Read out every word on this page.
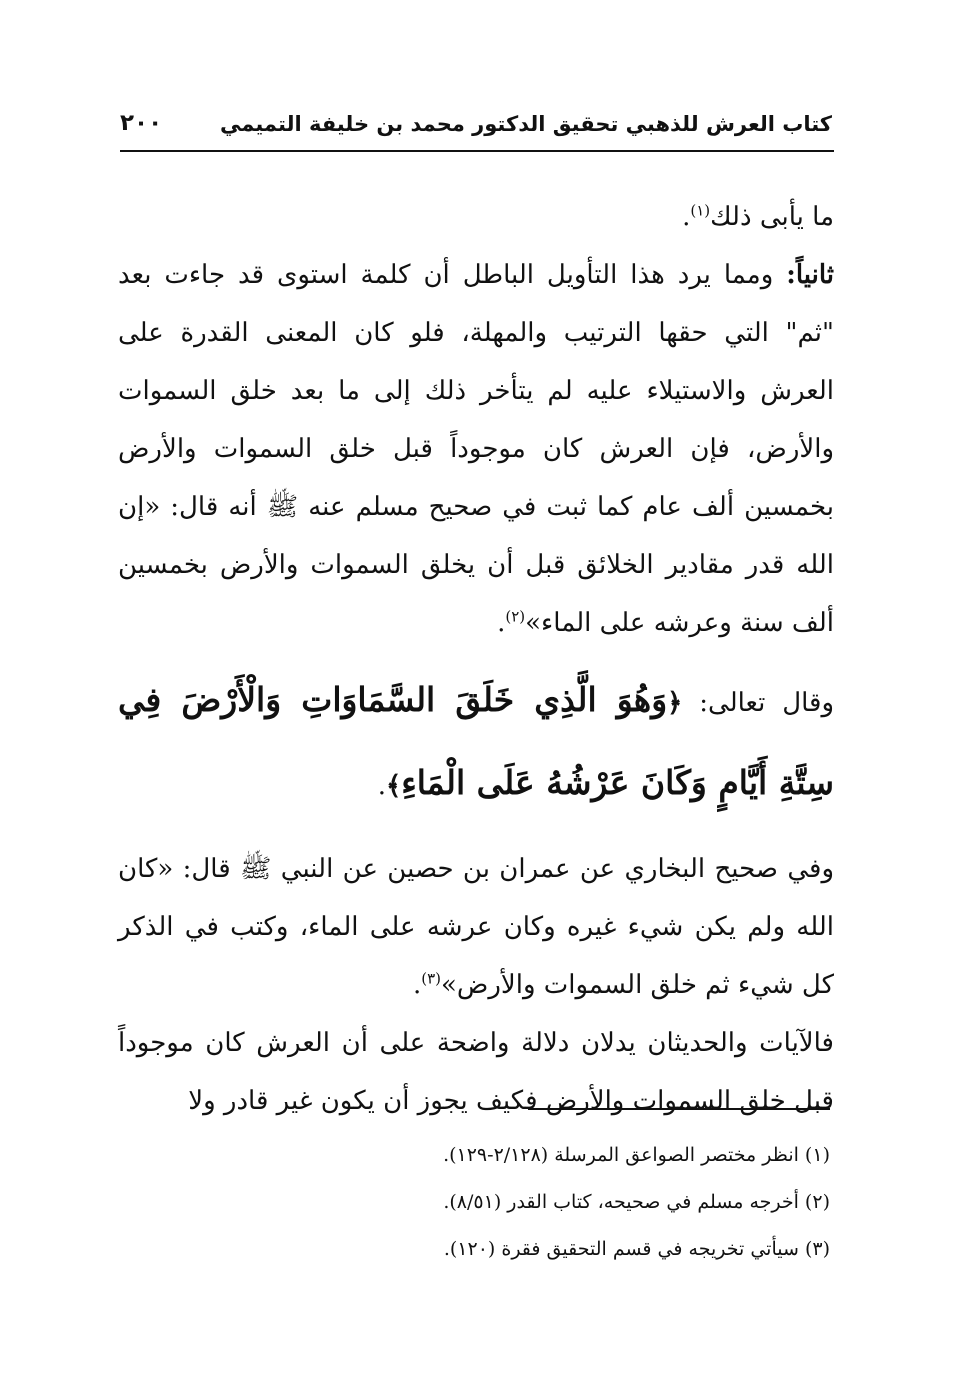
كتاب العرش للذهبي تحقيق الدكتور محمد بن خليفة التميمي
٢٠٠

ما يأبى ذلك$^{(١)}$.

ثانياً: ومما يرد هذا التأويل الباطل أن كلمة استوى قد جاءت بعد "ثم" التي حقها الترتيب والمهلة، فلو كان المعنى القدرة على العرش والاستيلاء عليه لم يتأخر ذلك إلى ما بعد خلق السموات والأرض، فإن العرش كان موجوداً قبل خلق السموات والأرض بخمسين ألف عام كما ثبت في صحيح مسلم عنه ﷺ أنه قال: «إن الله قدر مقادير الخلائق قبل أن يخلق السموات والأرض بخمسين ألف سنة وعرشه على الماء»$^{(٢)}$.

وقال تعالى: ﴿وَهُوَ الَّذِي خَلَقَ السَّمَاوَاتِ وَالْأَرْضَ فِي سِتَّةِ أَيَّامٍ وَكَانَ عَرْشُهُ عَلَى الْمَاءِ﴾.

وفي صحيح البخاري عن عمران بن حصين عن النبي ﷺ قال: «كان الله ولم يكن شيء غيره وكان عرشه على الماء، وكتب في الذكر كل شيء ثم خلق السموات والأرض»$^{(٣)}$.

فالآيات والحديثان يدلان دلالة واضحة على أن العرش كان موجوداً قبل خلق السموات والأرض فكيف يجوز أن يكون غير قادر ولا

(١) انظر مختصر الصواعق المرسلة (٢/١٢٨-١٢٩).
(٢) أخرجه مسلم في صحيحه، كتاب القدر (٨/٥١).
(٣) سيأتي تخريجه في قسم التحقيق فقرة (١٢٠).
